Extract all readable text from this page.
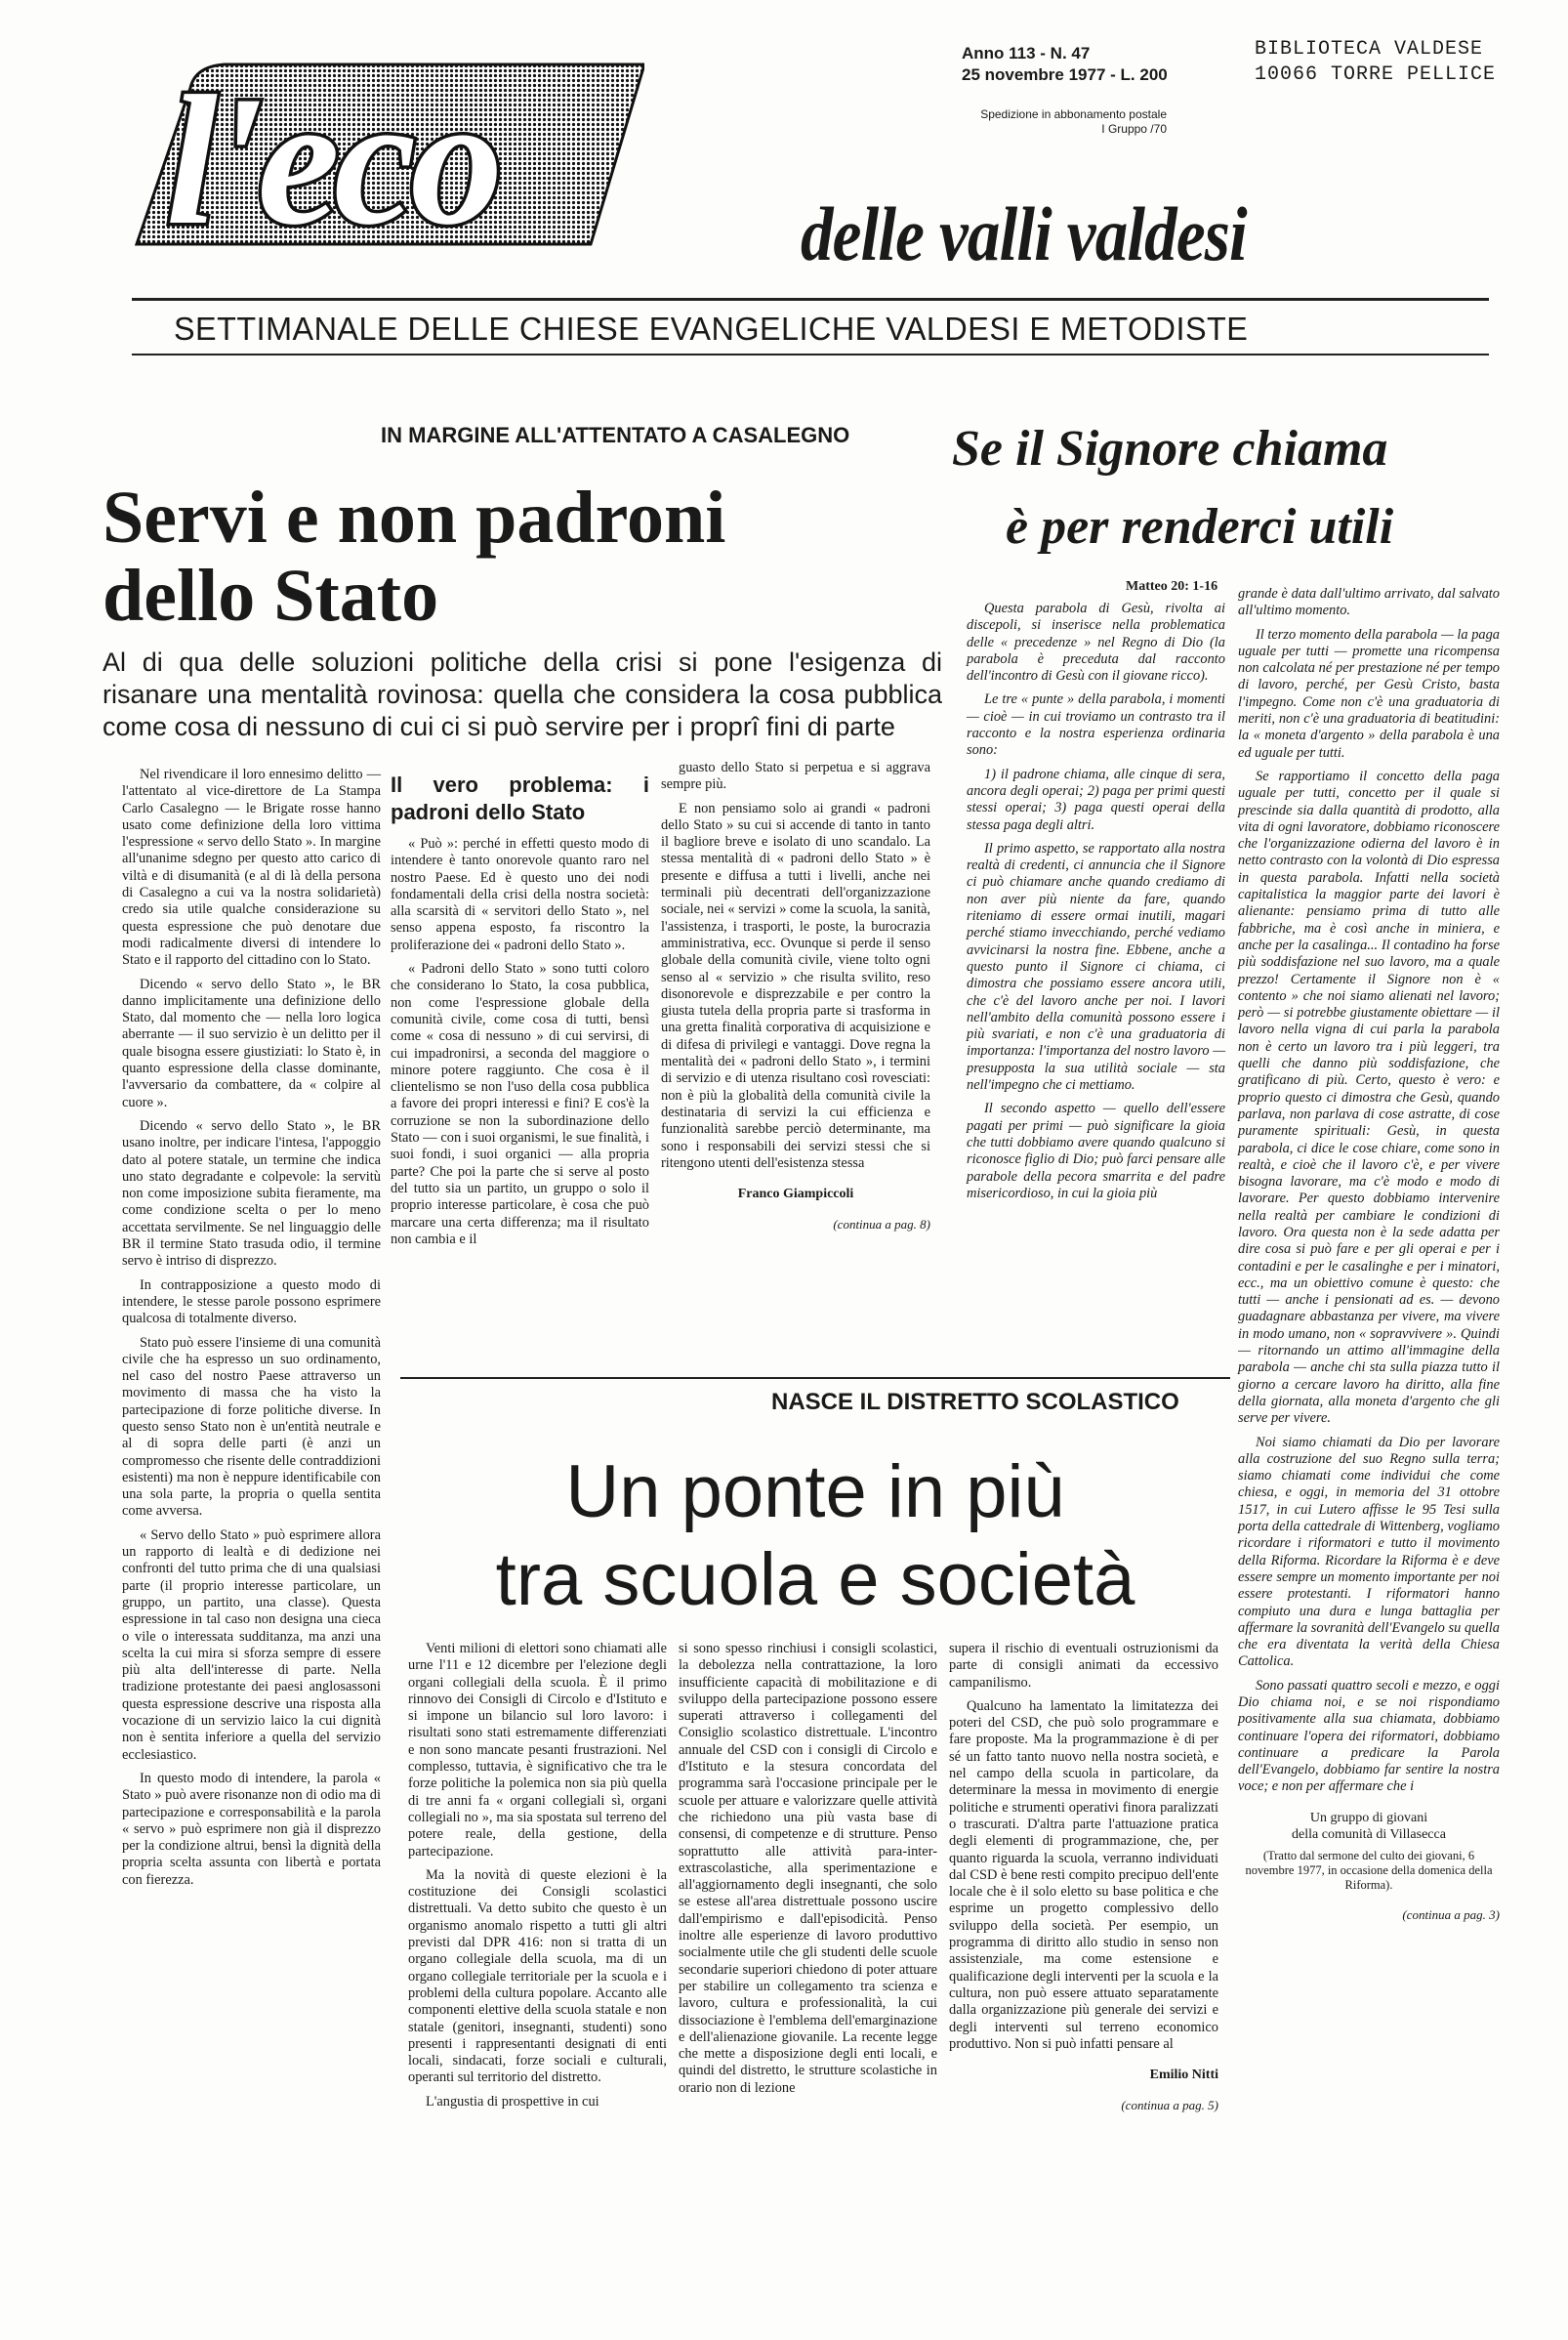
l'eco
Anno 113 - N. 47
25 novembre 1977 - L. 200
Spedizione in abbonamento postale
I Gruppo /70
BIBLIOTECA VALDESE
10066 TORRE PELLICE
delle valli valdesi
SETTIMANALE DELLE CHIESE EVANGELICHE VALDESI E METODISTE
IN MARGINE ALL'ATTENTATO A CASALEGNO
Servi e non padroni
dello Stato
Al di qua delle soluzioni politiche della crisi si pone l'esigenza di risanare una mentalità rovinosa: quella che considera la cosa pubblica come cosa di nessuno di cui ci si può servire per i proprî fini di parte

Nel rivendicare il loro ennesimo delitto — l'attentato al vice-direttore de La Stampa Carlo Casalegno — le Brigate rosse hanno usato come definizione della loro vittima l'espressione « servo dello Stato ». In margine all'unanime sdegno per questo atto carico di viltà e di disumanità (e al di là della persona di Casalegno a cui va la nostra solidarietà) credo sia utile qualche considerazione su questa espressione che può denotare due modi radicalmente diversi di intendere lo Stato e il rapporto del cittadino con lo Stato.

Dicendo « servo dello Stato », le BR danno implicitamente una definizione dello Stato, dal momento che — nella loro logica aberrante — il suo servizio è un delitto per il quale bisogna essere giustiziati: lo Stato è, in quanto espressione della classe dominante, l'avversario da combattere, da « colpire al cuore ».

Dicendo « servo dello Stato », le BR usano inoltre, per indicare l'intesa, l'appoggio dato al potere statale, un termine che indica uno stato degradante e colpevole: la servitù non come imposizione subita fieramente, ma come condizione scelta o per lo meno accettata servilmente. Se nel linguaggio delle BR il termine Stato trasuda odio, il termine servo è intriso di disprezzo.

In contrapposizione a questo modo di intendere, le stesse parole possono esprimere qualcosa di totalmente diverso.

Stato può essere l'insieme di una comunità civile che ha espresso un suo ordinamento, nel caso del nostro Paese attraverso un movimento di massa che ha visto la partecipazione di forze politiche diverse. In questo senso Stato non è un'entità neutrale e al di sopra delle parti (è anzi un compromesso che risente delle contraddizioni esistenti) ma non è neppure identificabile con una sola parte, la propria o quella sentita come avversa.

« Servo dello Stato » può esprimere allora un rapporto di lealtà e di dedizione nei confronti del tutto prima che di una qualsiasi parte (il proprio interesse particolare, un gruppo, un partito, una classe). Questa espressione in tal caso non designa una cieca o vile o interessata sudditanza, ma anzi una scelta la cui mira si sforza sempre di essere più alta dell'interesse di parte. Nella tradizione protestante dei paesi anglosassoni questa espressione descrive una risposta alla vocazione di un servizio laico la cui dignità non è sentita inferiore a quella del servizio ecclesiastico.

In questo modo di intendere, la parola « Stato » può avere risonanze non di odio ma di partecipazione e corresponsabilità e la parola « servo » può esprimere non già il disprezzo per la condizione altrui, bensì la dignità della propria scelta assunta con libertà e portata con fierezza.

Il vero problema: i padroni dello Stato

« Può »: perché in effetti questo modo di intendere è tanto onorevole quanto raro nel nostro Paese. Ed è questo uno dei nodi fondamentali della crisi della nostra società: alla scarsità di « servitori dello Stato », nel senso appena esposto, fa riscontro la proliferazione dei « padroni dello Stato ».

« Padroni dello Stato » sono tutti coloro che considerano lo Stato, la cosa pubblica, non come l'espressione globale della comunità civile, come cosa di tutti, bensì come « cosa di nessuno » di cui servirsi, di cui impadronirsi, a seconda del maggiore o minore potere raggiunto. Che cosa è il clientelismo se non l'uso della cosa pubblica a favore dei propri interessi e fini? E cos'è la corruzione se non la subordinazione dello Stato — con i suoi organismi, le sue finalità, i suoi fondi, i suoi organici — alla propria parte? Che poi la parte che si serve al posto del tutto sia un partito, un gruppo o solo il proprio interesse particolare, è cosa che può marcare una certa differenza; ma il risultato non cambia e il

guasto dello Stato si perpetua e si aggrava sempre più.

E non pensiamo solo ai grandi « padroni dello Stato » su cui si accende di tanto in tanto il bagliore breve e isolato di uno scandalo. La stessa mentalità di « padroni dello Stato » è presente e diffusa a tutti i livelli, anche nei terminali più decentrati dell'organizzazione sociale, nei « servizi » come la scuola, la sanità, l'assistenza, i trasporti, le poste, la burocrazia amministrativa, ecc. Ovunque si perde il senso globale della comunità civile, viene tolto ogni senso al « servizio » che risulta svilito, reso disonorevole e disprezzabile e per contro la giusta tutela della propria parte si trasforma in una gretta finalità corporativa di acquisizione e di difesa di privilegi e vantaggi. Dove regna la mentalità dei « padroni dello Stato », i termini di servizio e di utenza risultano così rovesciati: non è più la globalità della comunità civile la destinataria di servizi la cui efficienza e funzionalità sarebbe perciò determinante, ma sono i responsabili dei servizi stessi che si ritengono utenti dell'esistenza stessa

Franco Giampiccoli
(continua a pag. 8)
Se il Signore chiama
è per renderci utili
Matteo 20: 1-16

Questa parabola di Gesù, rivolta ai discepoli, si inserisce nella problematica delle « precedenze » nel Regno di Dio (la parabola è preceduta dal racconto dell'incontro di Gesù con il giovane ricco).

Le tre « punte » della parabola, i momenti — cioè — in cui troviamo un contrasto tra il racconto e la nostra esperienza ordinaria sono:

1) il padrone chiama, alle cinque di sera, ancora degli operai; 2) paga per primi questi stessi operai; 3) paga questi operai della stessa paga degli altri.

Il primo aspetto, se rapportato alla nostra realtà di credenti, ci annuncia che il Signore ci può chiamare anche quando crediamo di non aver più niente da fare, quando riteniamo di essere ormai inutili, magari perché stiamo invecchiando, perché vediamo avvicinarsi la nostra fine. Ebbene, anche a questo punto il Signore ci chiama, ci dimostra che possiamo essere ancora utili, che c'è del lavoro anche per noi. I lavori nell'ambito della comunità possono essere i più svariati, e non c'è una graduatoria di importanza: l'importanza del nostro lavoro — presupposta la sua utilità sociale — sta nell'impegno che ci mettiamo.

Il secondo aspetto — quello dell'essere pagati per primi — può significare la gioia che tutti dobbiamo avere quando qualcuno si riconosce figlio di Dio; può farci pensare alle parabole della pecora smarrita e del padre misericordioso, in cui la gioia più

grande è data dall'ultimo arrivato, dal salvato all'ultimo momento.

Il terzo momento della parabola — la paga uguale per tutti — promette una ricompensa non calcolata né per prestazione né per tempo di lavoro, perché, per Gesù Cristo, basta l'impegno. Come non c'è una graduatoria di meriti, non c'è una graduatoria di beatitudini: la « moneta d'argento » della parabola è una ed uguale per tutti.

Se rapportiamo il concetto della paga uguale per tutti, concetto per il quale si prescinde sia dalla quantità di prodotto, alla vita di ogni lavoratore, dobbiamo riconoscere che l'organizzazione odierna del lavoro è in netto contrasto con la volontà di Dio espressa in questa parabola. Infatti nella società capitalistica la maggior parte dei lavori è alienante: pensiamo prima di tutto alle fabbriche, ma è così anche in miniera, e anche per la casalinga... Il contadino ha forse più soddisfazione nel suo lavoro, ma a quale prezzo! Certamente il Signore non è « contento » che noi siamo alienati nel lavoro; però — si potrebbe giustamente obiettare — il lavoro nella vigna di cui parla la parabola non è certo un lavoro tra i più leggeri, tra quelli che danno più soddisfazione, che gratificano di più. Certo, questo è vero: e proprio questo ci dimostra che Gesù, quando parlava, non parlava di cose astratte, di cose puramente spirituali: Gesù, in questa parabola, ci dice le cose chiare, come sono in realtà, e cioè che il lavoro c'è, e per vivere bisogna lavorare, ma c'è modo e modo di lavorare. Per questo dobbiamo intervenire nella realtà per cambiare le condizioni di lavoro. Ora questa non è la sede adatta per dire cosa si può fare e per gli operai e per i contadini e per le casalinghe e per i minatori, ecc., ma un obiettivo comune è questo: che tutti — anche i pensionati ad es. — devono guadagnare abbastanza per vivere, ma vivere in modo umano, non « sopravvivere ». Quindi — ritornando un attimo all'immagine della parabola — anche chi sta sulla piazza tutto il giorno a cercare lavoro ha diritto, alla fine della giornata, alla moneta d'argento che gli serve per vivere.

Noi siamo chiamati da Dio per lavorare alla costruzione del suo Regno sulla terra; siamo chiamati come individui che come chiesa, e oggi, in memoria del 31 ottobre 1517, in cui Lutero affisse le 95 Tesi sulla porta della cattedrale di Wittenberg, vogliamo ricordare i riformatori e tutto il movimento della Riforma. Ricordare la Riforma è e deve essere sempre un momento importante per noi essere protestanti. I riformatori hanno compiuto una dura e lunga battaglia per affermare la sovranità dell'Evangelo su quella che era diventata la verità della Chiesa Cattolica.

Sono passati quattro secoli e mezzo, e oggi Dio chiama noi, e se noi rispondiamo positivamente alla sua chiamata, dobbiamo continuare l'opera dei riformatori, dobbiamo continuare a predicare la Parola dell'Evangelo, dobbiamo far sentire la nostra voce; e non per affermare che i

Un gruppo di giovani
della comunità di Villasecca
(Tratto dal sermone del culto dei giovani, 6 novembre 1977, in occasione della domenica della Riforma).
(continua a pag. 3)
NASCE IL DISTRETTO SCOLASTICO
Un ponte in più
tra scuola e società

Venti milioni di elettori sono chiamati alle urne l'11 e 12 dicembre per l'elezione degli organi collegiali della scuola. È il primo rinnovo dei Consigli di Circolo e d'Istituto e si impone un bilancio sul loro lavoro: i risultati sono stati estremamente differenziati e non sono mancate pesanti frustrazioni. Nel complesso, tuttavia, è significativo che tra le forze politiche la polemica non sia più quella di tre anni fa « organi collegiali sì, organi collegiali no », ma sia spostata sul terreno del potere reale, della gestione, della partecipazione.

Ma la novità di queste elezioni è la costituzione dei Consigli scolastici distrettuali. Va detto subito che questo è un organismo anomalo rispetto a tutti gli altri previsti dal DPR 416: non si tratta di un organo collegiale della scuola, ma di un organo collegiale territoriale per la scuola e i problemi della cultura popolare. Accanto alle componenti elettive della scuola statale e non statale (genitori, insegnanti, studenti) sono presenti i rappresentanti designati di enti locali, sindacati, forze sociali e culturali, operanti sul territorio del distretto.

L'angustia di prospettive in cui

si sono spesso rinchiusi i consigli scolastici, la debolezza nella contrattazione, la loro insufficiente capacità di mobilitazione e di sviluppo della partecipazione possono essere superati attraverso i collegamenti del Consiglio scolastico distrettuale. L'incontro annuale del CSD con i consigli di Circolo e d'Istituto e la stesura concordata del programma sarà l'occasione principale per le scuole per attuare e valorizzare quelle attività che richiedono una più vasta base di consensi, di competenze e di strutture. Penso soprattutto alle attività para-inter-extrascolastiche, alla sperimentazione e all'aggiornamento degli insegnanti, che solo se estese all'area distrettuale possono uscire dall'empirismo e dall'episodicità. Penso inoltre alle esperienze di lavoro produttivo socialmente utile che gli studenti delle scuole secondarie superiori chiedono di poter attuare per stabilire un collegamento tra scienza e lavoro, cultura e professionalità, la cui dissociazione è l'emblema dell'emarginazione e dell'alienazione giovanile. La recente legge che mette a disposizione degli enti locali, e quindi del distretto, le strutture scolastiche in orario non di lezione

supera il rischio di eventuali ostruzionismi da parte di consigli animati da eccessivo campanilismo.

Qualcuno ha lamentato la limitatezza dei poteri del CSD, che può solo programmare e fare proposte. Ma la programmazione è di per sé un fatto tanto nuovo nella nostra società, e nel campo della scuola in particolare, da determinare la messa in movimento di energie politiche e strumenti operativi finora paralizzati o trascurati. D'altra parte l'attuazione pratica degli elementi di programmazione, che, per quanto riguarda la scuola, verranno individuati dal CSD è bene resti compito precipuo dell'ente locale che è il solo eletto su base politica e che esprime un progetto complessivo dello sviluppo della società. Per esempio, un programma di diritto allo studio in senso non assistenziale, ma come estensione e qualificazione degli interventi per la scuola e la cultura, non può essere attuato separatamente dalla organizzazione più generale dei servizi e degli interventi sul terreno economico produttivo. Non si può infatti pensare al

Emilio Nitti
(continua a pag. 5)
